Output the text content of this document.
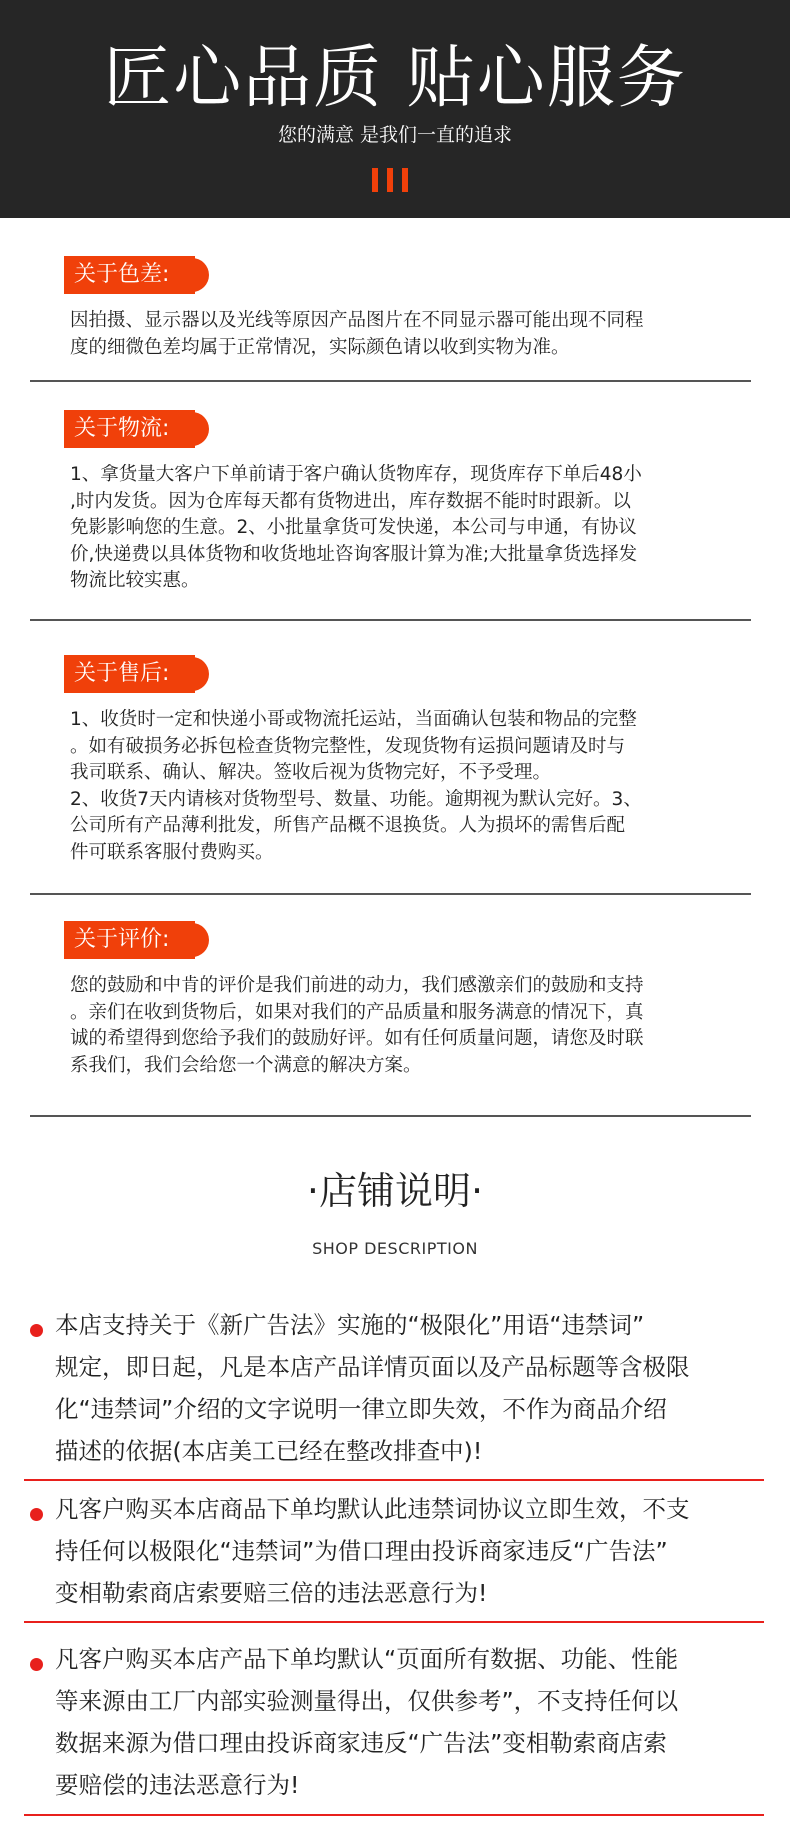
匠心品质 贴心服务
您的满意 是我们一直的追求
关于色差:

因拍摄、显示器以及光线等原因产品图片在不同显示器可能出现不同程

度的细微色差均属于正常情况，实际颜色请以收到实物为准。

关于物流:

1、拿货量大客户下单前请于客户确认货物库存，现货库存下单后48小

,时内发货。因为仓库每天都有货物进出，库存数据不能时时跟新。以

免影影响您的生意。2、小批量拿货可发快递，本公司与申通，有协议

价,快递费以具体货物和收货地址咨询客服计算为准;大批量拿货选择发

物流比较实惠。

关于售后:

1、收货时一定和快递小哥或物流托运站，当面确认包装和物品的完整

。如有破损务必拆包检查货物完整性，发现货物有运损问题请及时与

我司联系、确认、解决。签收后视为货物完好，不予受理。

2、收货7天内请核对货物型号、数量、功能。逾期视为默认完好。3、

公司所有产品薄利批发，所售产品概不退换货。人为损坏的需售后配

件可联系客服付费购买。

关于评价:

您的鼓励和中肯的评价是我们前进的动力，我们感激亲们的鼓励和支持

。亲们在收到货物后，如果对我们的产品质量和服务满意的情况下，真

诚的希望得到您给予我们的鼓励好评。如有任何质量问题，请您及时联

系我们，我们会给您一个满意的解决方案。

·店铺说明·
SHOP DESCRIPTION

本店支持关于《新广告法》实施的“极限化”用语“违禁词”

规定，即日起，凡是本店产品详情页面以及产品标题等含极限

化“违禁词”介绍的文字说明一律立即失效，不作为商品介绍

描述的依据(本店美工已经在整改排查中)!

凡客户购买本店商品下单均默认此违禁词协议立即生效，不支

持任何以极限化“违禁词”为借口理由投诉商家违反“广告法”

变相勒索商店索要赔三倍的违法恶意行为!

凡客户购买本店产品下单均默认“页面所有数据、功能、性能

等来源由工厂内部实验测量得出，仅供参考”，不支持任何以

数据来源为借口理由投诉商家违反“广告法”变相勒索商店索

要赔偿的违法恶意行为!
